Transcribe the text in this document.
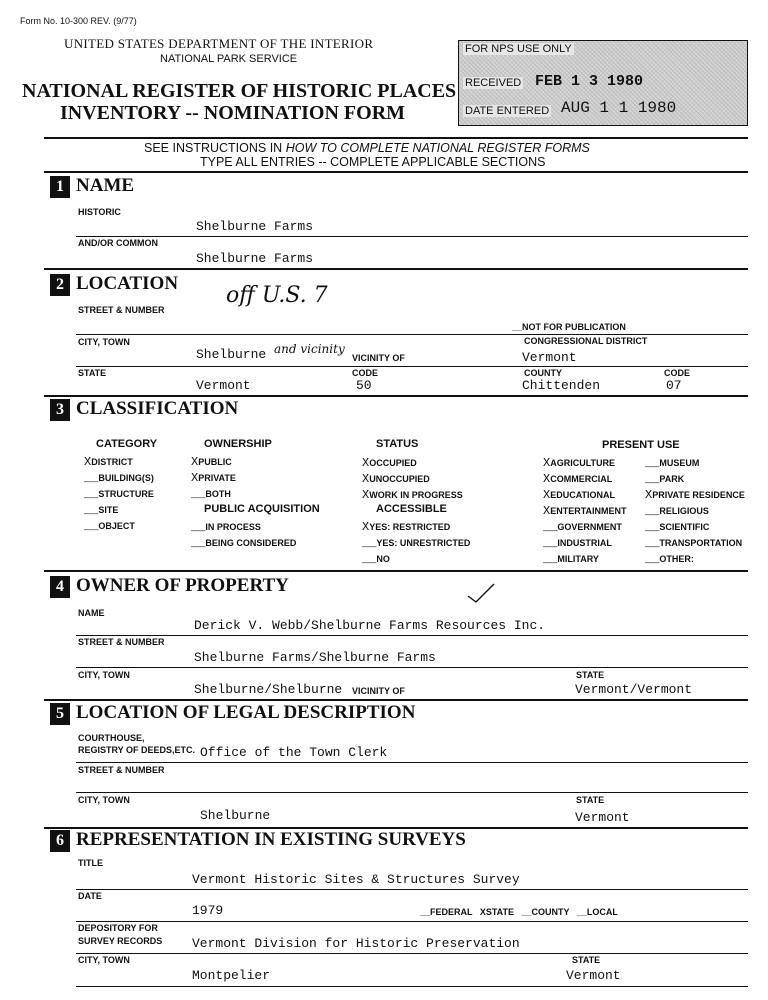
Form No. 10-300 REV. (9/77)
UNITED STATES DEPARTMENT OF THE INTERIOR
NATIONAL PARK SERVICE
NATIONAL REGISTER OF HISTORIC PLACES
INVENTORY -- NOMINATION FORM
FOR NPS USE ONLY
RECEIVED FEB 1 3 1980
DATE ENTERED AUG 1 1 1980
SEE INSTRUCTIONS IN HOW TO COMPLETE NATIONAL REGISTER FORMS
TYPE ALL ENTRIES -- COMPLETE APPLICABLE SECTIONS
1 NAME
HISTORIC
Shelburne Farms
AND/OR COMMON
Shelburne Farms
2 LOCATION
STREET & NUMBER
off U.S. 7
__NOT FOR PUBLICATION
CITY, TOWN
Shelburne and vicinity
VICINITY OF
CONGRESSIONAL DISTRICT
Vermont
STATE
Vermont
CODE
50
COUNTY
Chittenden
CODE
07
3 CLASSIFICATION
CATEGORY
XDISTRICT
__BUILDING(S)
__STRUCTURE
__SITE
__OBJECT
OWNERSHIP
XPUBLIC
XPRIVATE
__BOTH
PUBLIC ACQUISITION
__IN PROCESS
__BEING CONSIDERED
STATUS
XOCCUPIED
XUNOCCUPIED
XWORK IN PROGRESS
ACCESSIBLE
XYES: RESTRICTED
__YES: UNRESTRICTED
__NO
PRESENT USE
XAGRICULTURE
XCOMMERCIAL
XEDUCATIONAL
XENTERTAINMENT
__GOVERNMENT
__INDUSTRIAL
__MILITARY
__MUSEUM
__PARK
XPRIVATE RESIDENCE
__RELIGIOUS
__SCIENTIFIC
__TRANSPORTATION
__OTHER:
4 OWNER OF PROPERTY
NAME
Derick V. Webb/Shelburne Farms Resources Inc.
STREET & NUMBER
Shelburne Farms/Shelburne Farms
CITY, TOWN
Shelburne/Shelburne VICINITY OF
STATE
Vermont/Vermont
5 LOCATION OF LEGAL DESCRIPTION
COURTHOUSE,
REGISTRY OF DEEDS,ETC. Office of the Town Clerk
STREET & NUMBER
CITY, TOWN
Shelburne
STATE
Vermont
6 REPRESENTATION IN EXISTING SURVEYS
TITLE
Vermont Historic Sites & Structures Survey
DATE
1979	__FEDERAL   XSTATE   __COUNTY   __LOCAL
DEPOSITORY FOR
SURVEY RECORDS Vermont Division for Historic Preservation
CITY, TOWN
Montpelier
STATE
Vermont
